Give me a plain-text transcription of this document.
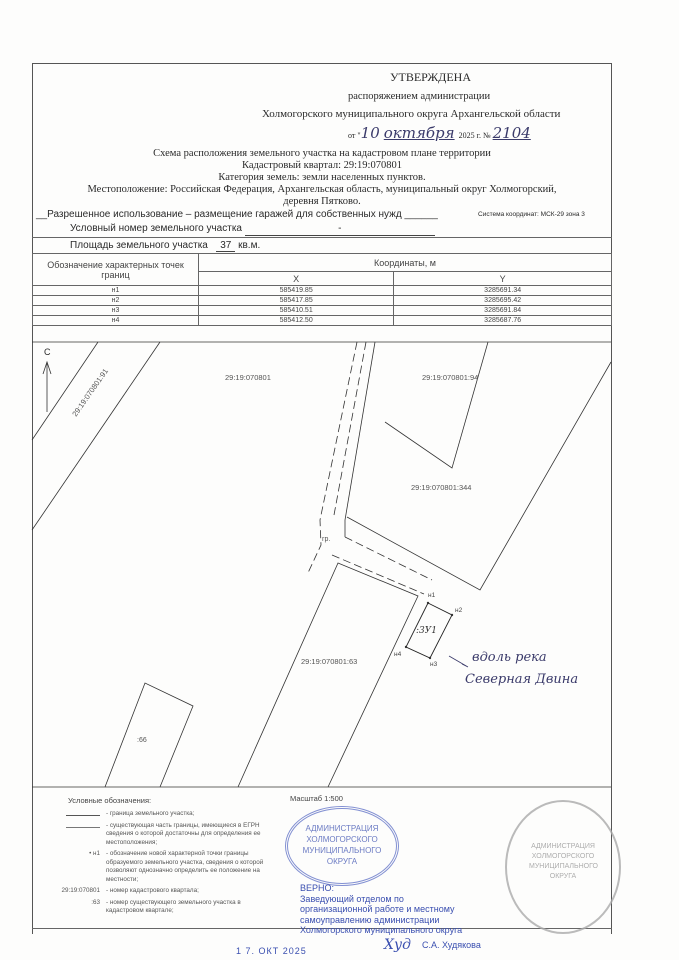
УТВЕРЖДЕНА
распоряжением администрации
Холмогорского муниципального округа Архангельской области
от "10 октября 2025 г. № 2104
Схема расположения земельного участка на кадастровом плане территории
Кадастровый квартал: 29:19:070801
Категория земель: земли населенных пунктов.
Местоположение: Российская Федерация, Архангельская область, муниципальный округ Холмогорский,
деревня Пятково.
__Разрешенное использование – размещение гаражей для собственных нужд ______	Система координат: МСК-29 зона 3
Условный номер земельного участка	-
Площадь земельного участка 37 кв.м.
Обозначение характерных точек границ	Координаты, м	
	X	Y
н1	585419.85	3285691.34
н2	585417.85	3285695.42
н3	585410.51	3285691.84
н4	585412.50	3285687.76
С
29:19:070801:91	29:19:070801	29:19:070801:94
29:19:070801:344
гр.
29:19:070801:63
:66
:3У1
н1
н2
н3
н4	вдоль река
Северная Двина
Условные обозначения:	Масштаб 1:500
- граница земельного участка;
- существующая часть границы, имеющиеся в ЕГРН сведения о которой достаточны для определения ее местоположения;
• н1 - обозначение новой характерной точки границы образуемого земельного участка, сведения о которой позволяют однозначно определить ее положение на местности;
29:19:070801 - номер кадастрового квартала;
:63 - номер существующего земельного участка в кадастровом квартале;
АДМИНИСТРАЦИЯ ХОЛМОГОРСКОГО МУНИЦИПАЛЬНОГО ОКРУГА
АДМИНИСТРАЦИЯ ХОЛМОГОРСКОГО МУНИЦИПАЛЬНОГО ОКРУГА
ВЕРНО:
Заведующий отделом по
организационной работе и местному
самоуправлению администрации
Холмогорского муниципального округа
Худ С.А. Худякова
1 7. ОКТ 2025
